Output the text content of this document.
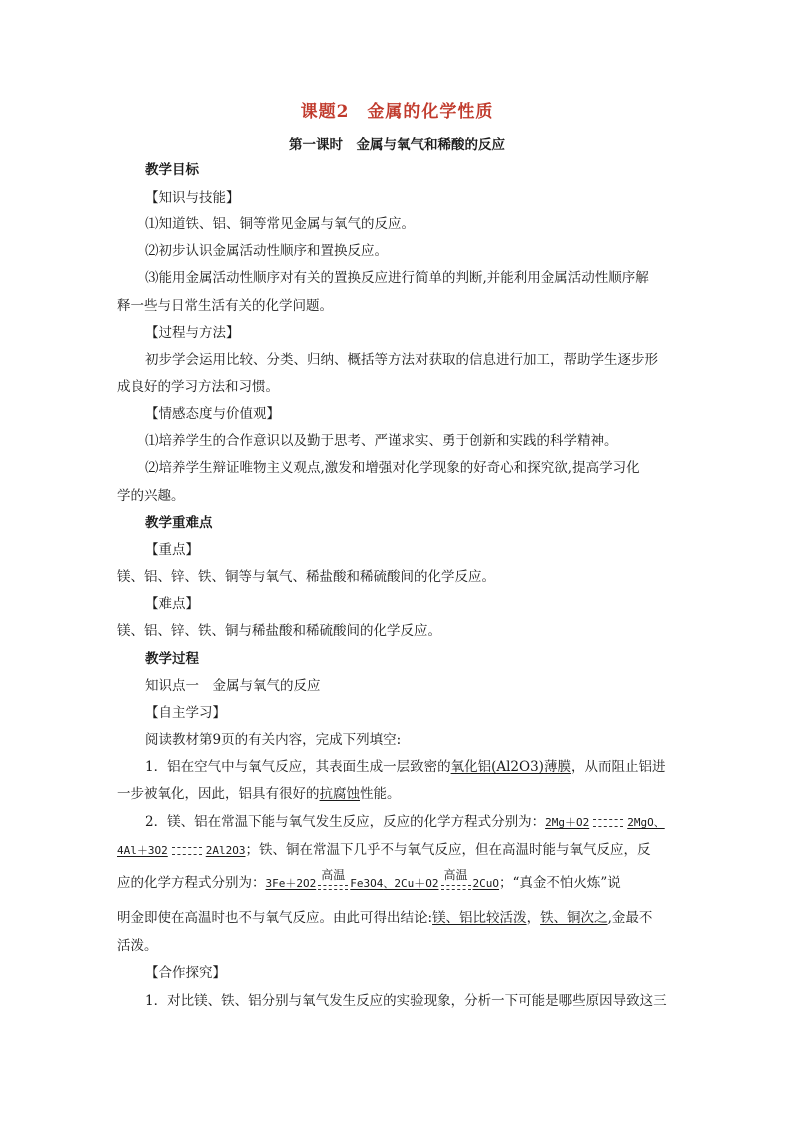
课题2　金属的化学性质
第一课时　金属与氧气和稀酸的反应
教学目标
【知识与技能】
⑴知道铁、铝、铜等常见金属与氧气的反应。
⑵初步认识金属活动性顺序和置换反应。
⑶能用金属活动性顺序对有关的置换反应进行简单的判断,并能利用金属活动性顺序解
释一些与日常生活有关的化学问题。
【过程与方法】
初步学会运用比较、分类、归纳、概括等方法对获取的信息进行加工，帮助学生逐步形
成良好的学习方法和习惯。
【情感态度与价值观】
⑴培养学生的合作意识以及勤于思考、严谨求实、勇于创新和实践的科学精神。
⑵培养学生辩证唯物主义观点,激发和增强对化学现象的好奇心和探究欲,提高学习化
学的兴趣。
教学重难点
【重点】
镁、铝、锌、铁、铜等与氧气、稀盐酸和稀硫酸间的化学反应。
【难点】
镁、铝、锌、铁、铜与稀盐酸和稀硫酸间的化学反应。
教学过程
知识点一　金属与氧气的反应
【自主学习】
阅读教材第9页的有关内容，完成下列填空:
1．铝在空气中与氧气反应，其表面生成一层致密的氧化铝(Al2O3)薄膜，从而阻止铝进
一步被氧化，因此，铝具有很好的抗腐蚀性能。
2．镁、铝在常温下能与氧气发生反应，反应的化学方程式分别为：2Mg＋O2	2MgO、
4Al＋3O2	2Al2O3；铁、铜在常温下几乎不与氧气反应，但在高温时能与氧气反应，反
应的化学方程式分别为：3Fe＋2O2
高温
Fe3O4、2Cu＋O2
高温
2CuO；“真金不怕火炼”说
明金即使在高温时也不与氧气反应。由此可得出结论:镁、铝比较活泼，铁、铜次之,金最不
活泼。
【合作探究】
1．对比镁、铁、铝分别与氧气发生反应的实验现象，分析一下可能是哪些原因导致这三
